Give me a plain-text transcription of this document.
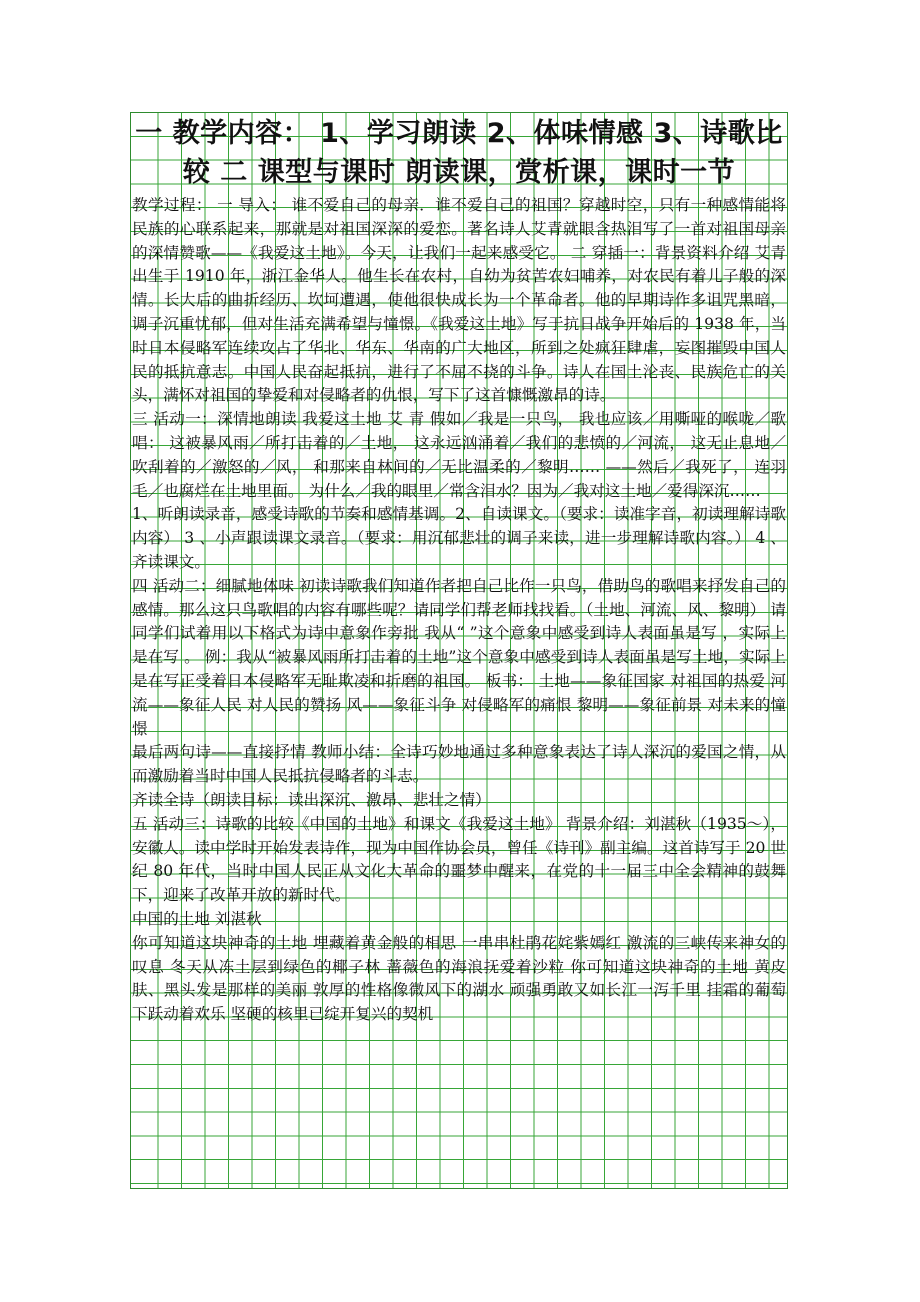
一 教学内容： 1、学习朗读 2、体味情感 3、诗歌比较 二 课型与课时 朗读课，赏析课，课时一节

教学过程： 一 导入： 谁不爱自己的母亲．谁不爱自己的祖国？穿越时空，只有一种感情能将民族的心联系起来，那就是对祖国深深的爱恋。著名诗人艾青就眼含热泪写了一首对祖国母亲的深情赞歌——《我爱这土地》。今天，让我们一起来感受它。 二 穿插一：背景资料介绍 艾青出生于 1910 年，浙江金华人。他生长在农村，自幼为贫苦农妇哺养，对农民有着儿子般的深情。长大后的曲折经历、坎坷遭遇，使他很快成长为一个革命者。他的早期诗作多诅咒黑暗，调子沉重忧郁，但对生活充满希望与憧憬。《我爱这土地》写于抗日战争开始后的 1938 年，当时日本侵略军连续攻占了华北、华东、华南的广大地区，所到之处疯狂肆虐，妄图摧毁中国人民的抵抗意志。中国人民奋起抵抗，进行了不屈不挠的斗争。诗人在国土沦丧、民族危亡的关头，满怀对祖国的挚爱和对侵略者的仇恨，写下了这首慷慨激昂的诗。

三 活动一：深情地朗读 我爱这土地 艾 青 假如／我是一只鸟， 我也应该／用嘶哑的喉咙／歌唱： 这被暴风雨／所打击着的／土地， 这永远汹涌着／我们的悲愤的／河流， 这无止息地／吹刮着的／激怒的／风， 和那来自林间的／无比温柔的／黎明…… ——然后／我死了， 连羽毛／也腐烂在土地里面。 为什么／我的眼里／常含泪水？因为／我对这土地／爱得深沉……

1、听朗读录音，感受诗歌的节奏和感情基调。2、自读课文。（要求：读准字音，初读理解诗歌内容） 3 、小声跟读课文录音。（要求：用沉郁悲壮的调子来读，进一步理解诗歌内容。） 4 、齐读课文。

四 活动二：细腻地体味 初读诗歌我们知道作者把自己比作一只鸟，借助鸟的歌唱来抒发自己的感情。那么这只鸟歌唱的内容有哪些呢？请同学们帮老师找找看。（土地、河流、风、黎明） 请同学们试着用以下格式为诗中意象作旁批 我从“ ”这个意象中感受到诗人表面虽是写 ，实际上是在写 。 例：我从“被暴风雨所打击着的土地”这个意象中感受到诗人表面虽是写土地，实际上是在写正受着日本侵略军无耻欺凌和折磨的祖国。 板书： 土地——象征国家 对祖国的热爱 河流——象征人民 对人民的赞扬 风——象征斗争 对侵略军的痛恨 黎明——象征前景 对未来的憧憬

最后两句诗——直接抒情 教师小结：全诗巧妙地通过多种意象表达了诗人深沉的爱国之情，从而激励着当时中国人民抵抗侵略者的斗志。

齐读全诗（朗读目标：读出深沉、激昂、悲壮之情）

五 活动三：诗歌的比较《中国的土地》和课文《我爱这土地》 背景介绍：刘湛秋（1935～），安徽人。读中学时开始发表诗作，现为中国作协会员，曾任《诗刊》副主编。这首诗写于 20 世纪 80 年代，当时中国人民正从文化大革命的噩梦中醒来，在党的十一届三中全会精神的鼓舞下，迎来了改革开放的新时代。

中国的土地 刘湛秋

你可知道这块神奇的土地 埋藏着黄金般的相思 一串串杜鹃花姹紫嫣红 激流的三峡传来神女的叹息 冬天从冻土层到绿色的椰子林 蔷薇色的海浪抚爱着沙粒 你可知道这块神奇的土地 黄皮肤、黑头发是那样的美丽 敦厚的性格像微风下的湖水 顽强勇敢又如长江一泻千里 挂霜的葡萄下跃动着欢乐 坚硬的核里已绽开复兴的契机
